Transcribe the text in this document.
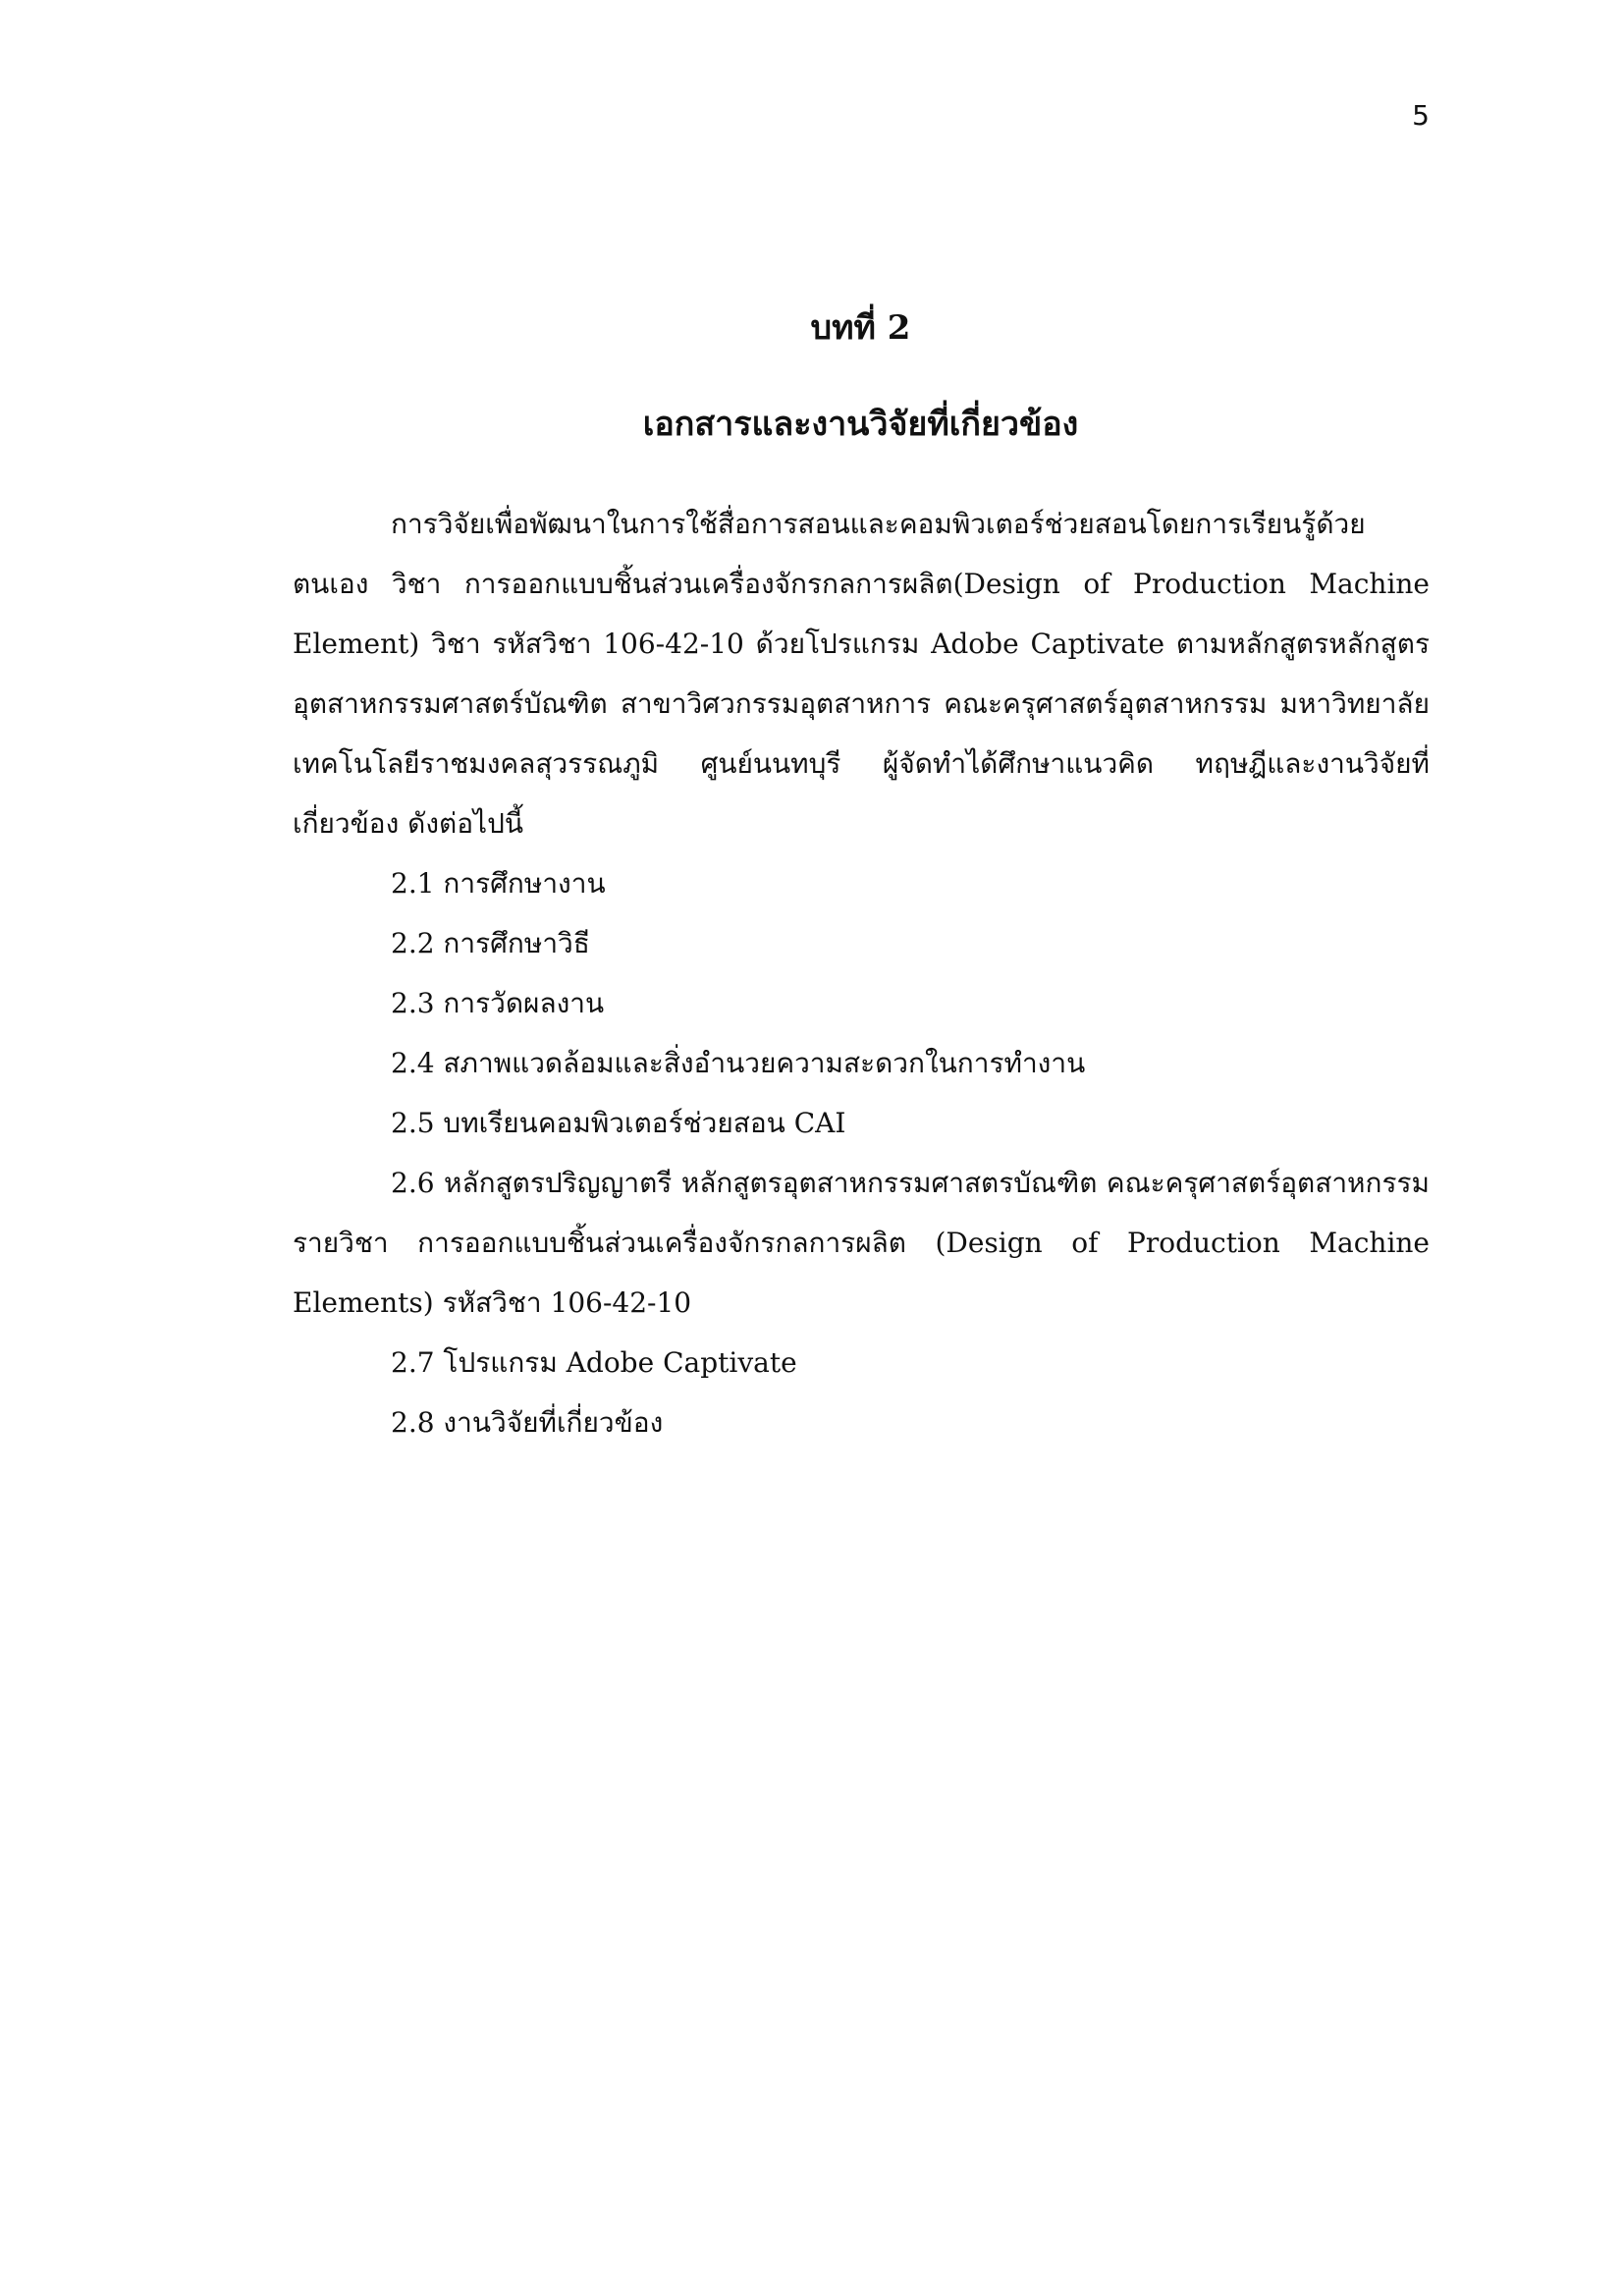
5
บทที่ 2
เอกสารและงานวิจัยที่เกี่ยวข้อง

การวิจัยเพื่อพัฒนาในการใช้สื่อการสอนและคอมพิวเตอร์ช่วยสอนโดยการเรียนรู้ด้วยตนเอง วิชา การออกแบบชิ้นส่วนเครื่องจักรกลการผลิต(Design of Production Machine Element) วิชา รหัสวิชา 106-42-10 ด้วยโปรแกรม Adobe Captivate ตามหลักสูตรหลักสูตรอุตสาหกรรมศาสตร์บัณฑิต สาขาวิศวกรรมอุตสาหการ คณะครุศาสตร์อุตสาหกรรม มหาวิทยาลัยเทคโนโลยีราชมงคลสุวรรณภูมิ ศูนย์นนทบุรี ผู้จัดทำได้ศึกษาแนวคิด ทฤษฎีและงานวิจัยที่เกี่ยวข้อง ดังต่อไปนี้

2.1 การศึกษางาน

2.2 การศึกษาวิธี

2.3 การวัดผลงาน

2.4 สภาพแวดล้อมและสิ่งอำนวยความสะดวกในการทำงาน

2.5 บทเรียนคอมพิวเตอร์ช่วยสอน CAI

2.6 หลักสูตรปริญญาตรี หลักสูตรอุตสาหกรรมศาสตรบัณฑิต คณะครุศาสตร์อุตสาหกรรม รายวิชา การออกแบบชิ้นส่วนเครื่องจักรกลการผลิต (Design of Production Machine Elements) รหัสวิชา 106-42-10

2.7 โปรแกรม Adobe Captivate

2.8 งานวิจัยที่เกี่ยวข้อง
